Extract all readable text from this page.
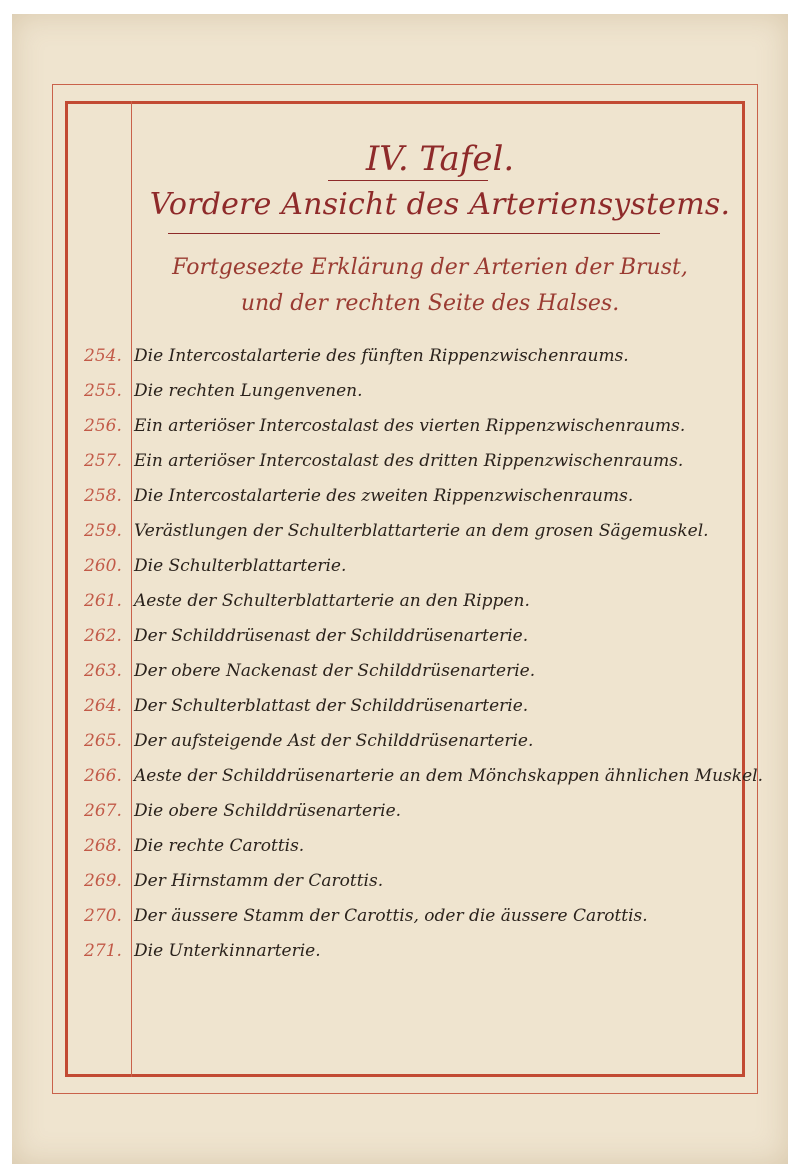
IV. Tafel.
Vordere Ansicht des Arteriensystems.
Fortgesezte Erklärung der Arterien der Brust, und der rechten Seite des Halses.
254. Die Intercostalarterie des fünften Rippenzwischenraums.
255. Die rechten Lungenvenen.
256. Ein arteriöser Intercostalast des vierten Rippenzwischenraums.
257. Ein arteriöser Intercostalast des dritten Rippenzwischenraums.
258. Die Intercostalarterie des zweiten Rippenzwischenraums.
259. Verästlungen der Schulterblattarterie an dem grosen Sägemuskel.
260. Die Schulterblattarterie.
261. Aeste der Schulterblattarterie an den Rippen.
262. Der Schilddrüsenast der Schilddrüsenarterie.
263. Der obere Nackenast der Schilddrüsenarterie.
264. Der Schulterblattast der Schilddrüsenarterie.
265. Der aufsteigende Ast der Schilddrüsenarterie.
266. Aeste der Schilddrüsenarterie an dem Mönchskappen ähnlichen Muskel.
267. Die obere Schilddrüsenarterie.
268. Die rechte Carottis.
269. Der Hirnstamm der Carottis.
270. Der äussere Stamm der Carottis, oder die äussere Carottis.
271. Die Unterkinnarterie.
